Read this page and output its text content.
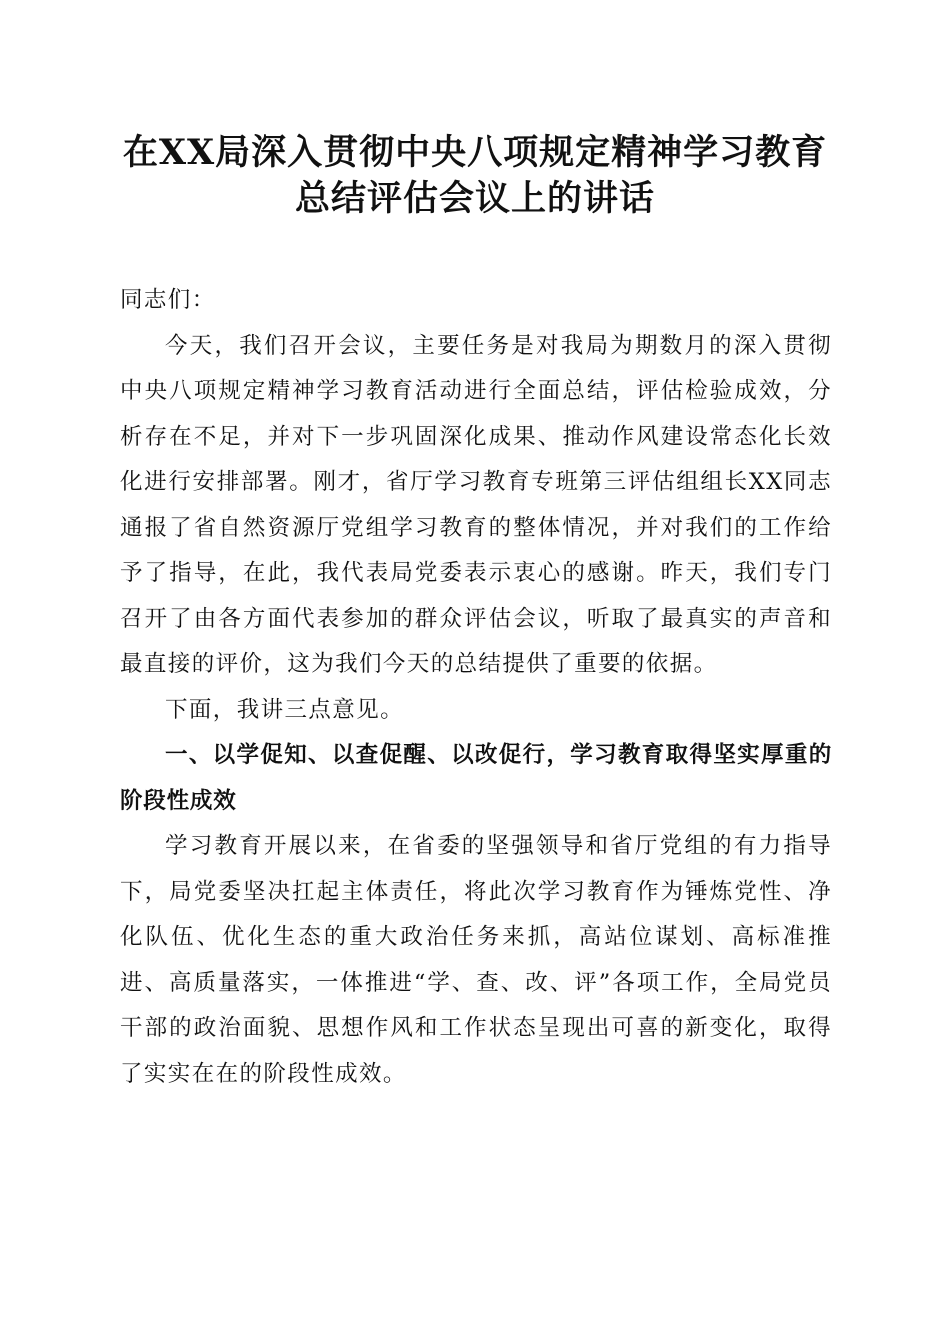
在XX局深入贯彻中央八项规定精神学习教育
总结评估会议上的讲话

同志们：

今天，我们召开会议，主要任务是对我局为期数月的深入贯彻中央八项规定精神学习教育活动进行全面总结，评估检验成效，分析存在不足，并对下一步巩固深化成果、推动作风建设常态化长效化进行安排部署。刚才，省厅学习教育专班第三评估组组长XX同志通报了省自然资源厅党组学习教育的整体情况，并对我们的工作给予了指导，在此，我代表局党委表示衷心的感谢。昨天，我们专门召开了由各方面代表参加的群众评估会议，听取了最真实的声音和最直接的评价，这为我们今天的总结提供了重要的依据。

下面，我讲三点意见。

一、以学促知、以查促醒、以改促行，学习教育取得坚实厚重的阶段性成效

学习教育开展以来，在省委的坚强领导和省厅党组的有力指导下，局党委坚决扛起主体责任，将此次学习教育作为锤炼党性、净化队伍、优化生态的重大政治任务来抓，高站位谋划、高标准推进、高质量落实，一体推进“学、查、改、评”各项工作，全局党员干部的政治面貌、思想作风和工作状态呈现出可喜的新变化，取得了实实在在的阶段性成效。
